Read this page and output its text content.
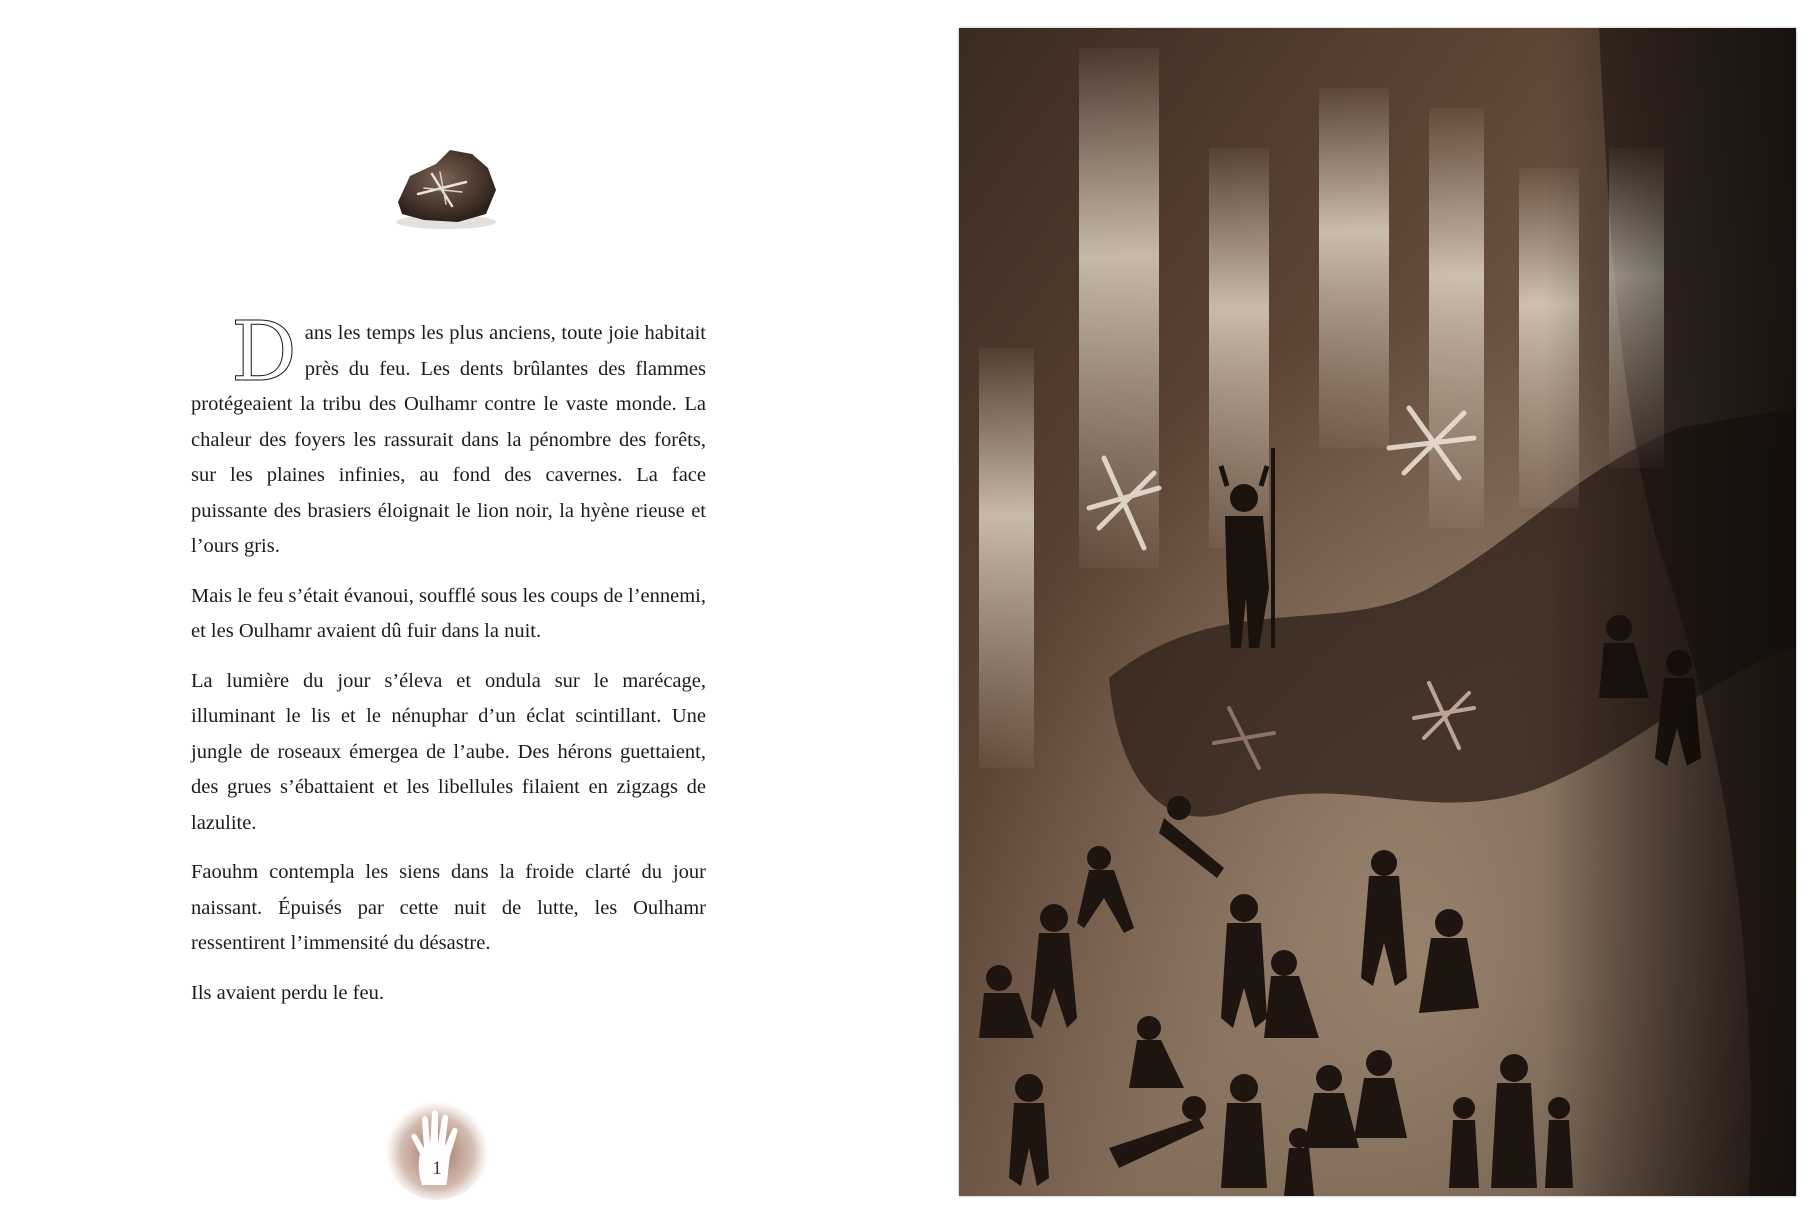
Dans les temps les plus anciens, toute joie habitait près du feu. Les dents brûlantes des flammes protégeaient la tribu des Oulhamr contre le vaste monde. La chaleur des foyers les rassurait dans la pénombre des forêts, sur les plaines infinies, au fond des cavernes. La face puissante des brasiers éloignait le lion noir, la hyène rieuse et l’ours gris.

Mais le feu s’était évanoui, soufflé sous les coups de l’ennemi, et les Oulhamr avaient dû fuir dans la nuit.

La lumière du jour s’éleva et ondula sur le marécage, illuminant le lis et le nénuphar d’un éclat scintillant. Une jungle de roseaux émergea de l’aube. Des hérons guettaient, des grues s’ébattaient et les libellules filaient en zigzags de lazulite.

Faouhm contempla les siens dans la froide clarté du jour naissant. Épuisés par cette nuit de lutte, les Oulhamr ressentirent l’immensité du désastre.

Ils avaient perdu le feu.

1
